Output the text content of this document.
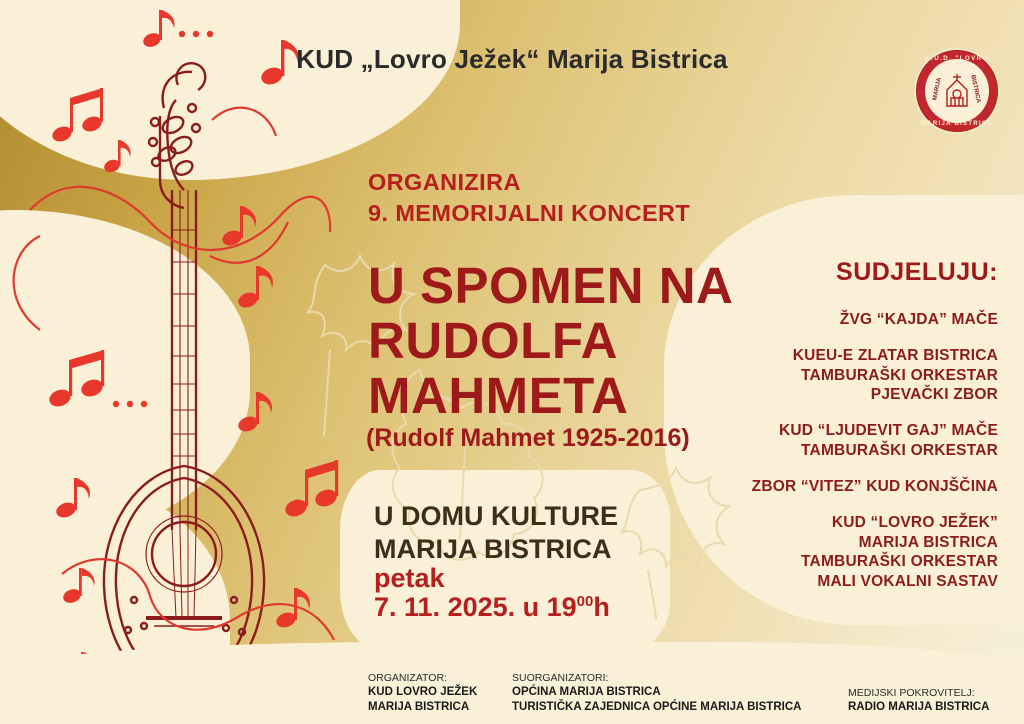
KUD „Lovro Ježek“ Marija Bistrica	K.U.D. "LOVRO JEŽEK"
MARIJA BISTRICA
MARIJA	BISTRICA
ORGANIZIRA
9. MEMORIJALNI KONCERT
U SPOMEN NA
RUDOLFA
MAHMETA
(Rudolf Mahmet 1925-2016)
U DOMU KULTURE
MARIJA BISTRICA
petak
7. 11. 2025. u $19^{00}h$
SUDJELUJU:
ŽVG “KAJDA” MAČE
KUEU-E ZLATAR BISTRICA
TAMBURAŠKI ORKESTAR
PJEVAČKI ZBOR
KUD “LJUDEVIT GAJ” MAČE
TAMBURAŠKI ORKESTAR
ZBOR “VITEZ” KUD KONJŠČINA
KUD “LOVRO JEŽEK”
MARIJA BISTRICA
TAMBURAŠKI ORKESTAR
MALI VOKALNI SASTAV
ORGANIZATOR:
KUD LOVRO JEŽEK
MARIJA BISTRICA
SUORGANIZATORI:
OPĆINA MARIJA BISTRICA
TURISTIČKA ZAJEDNICA OPĆINE MARIJA BISTRICA
MEDIJSKI POKROVITELJ:
RADIO MARIJA BISTRICA
